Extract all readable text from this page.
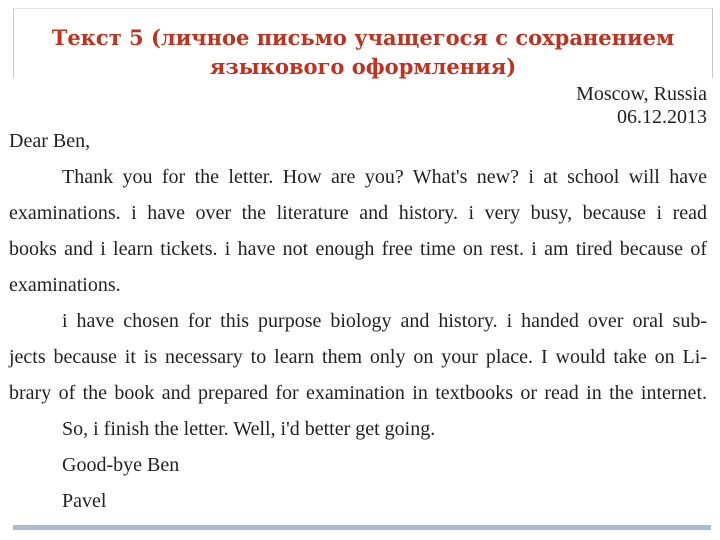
Текст 5 (личное письмо учащегося с сохранением
языкового оформления)
Moscow, Russia
06.12.2013
Dear Ben,
Thank you for the letter. How are you? What's new? i at school will have
examinations. i have over the literature and history. i very busy, because i read
books and i learn tickets. i have not enough free time on rest. i am tired because of
examinations.
i have chosen for this purpose biology and history. i handed over oral sub-
jects because it is necessary to learn them only on your place. I would take on Li-
brary of the book and prepared for examination in textbooks or read in the internet.
So, i finish the letter. Well, i'd better get going.
Good-bye Ben
Pavel
